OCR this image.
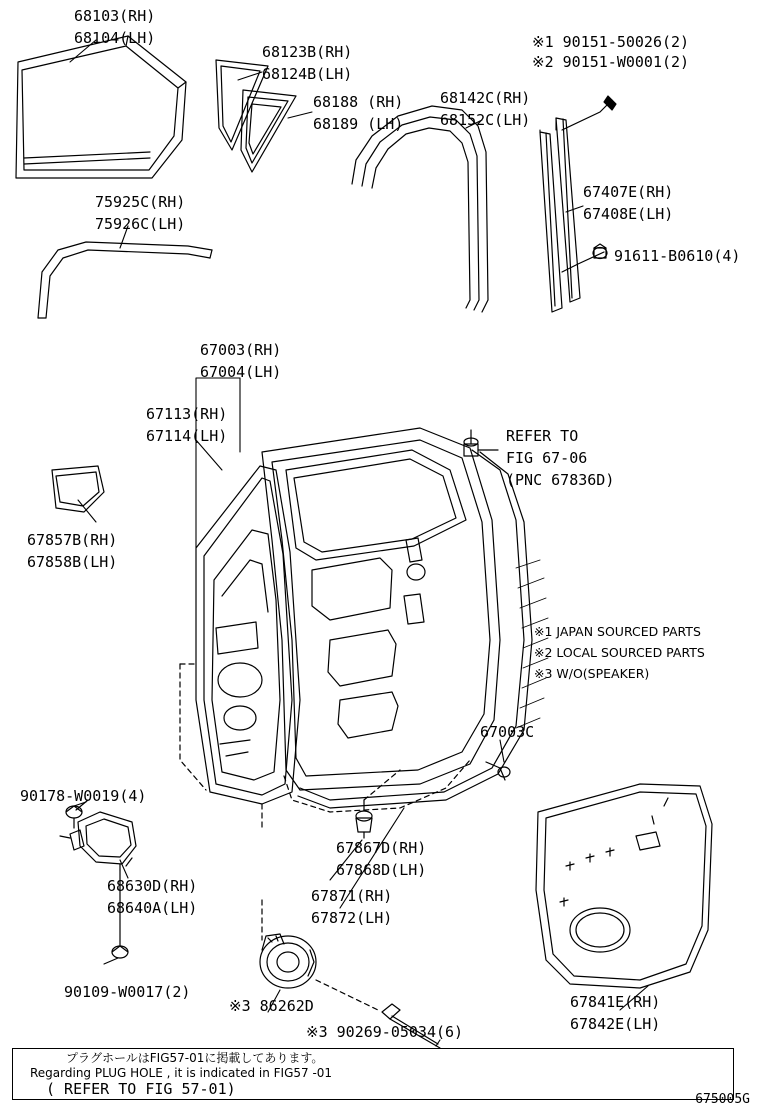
68103(RH)
68104(LH)
68123B(RH)
68124B(LH)
68188 (RH)
68189 (LH)
68142C(RH)
68152C(LH)
※1 90151-50026(2)
※2 90151-W0001(2)
67407E(RH)
67408E(LH)
91611-B0610(4)
75925C(RH)
75926C(LH)
67003(RH)
67004(LH)
67113(RH)
67114(LH)	REFER TO
FIG 67-06
(PNC 67836D)
67857B(RH)
67858B(LH)
※1 JAPAN SOURCED PARTS
※2 LOCAL SOURCED PARTS
※3 W/O(SPEAKER)
67003C
90178-W0019(4)
68630D(RH)
68640A(LH)
90109-W0017(2)
67867D(RH)
67868D(LH)
67871(RH)
67872(LH)
※3 86262D
※3 90269-05034(6)
67841E(RH)
67842E(LH)
プラグホールはFIG57-01に掲載してあります。
Regarding PLUG HOLE , it is indicated in FIG57 -01
( REFER TO FIG 57-01)
675005G
